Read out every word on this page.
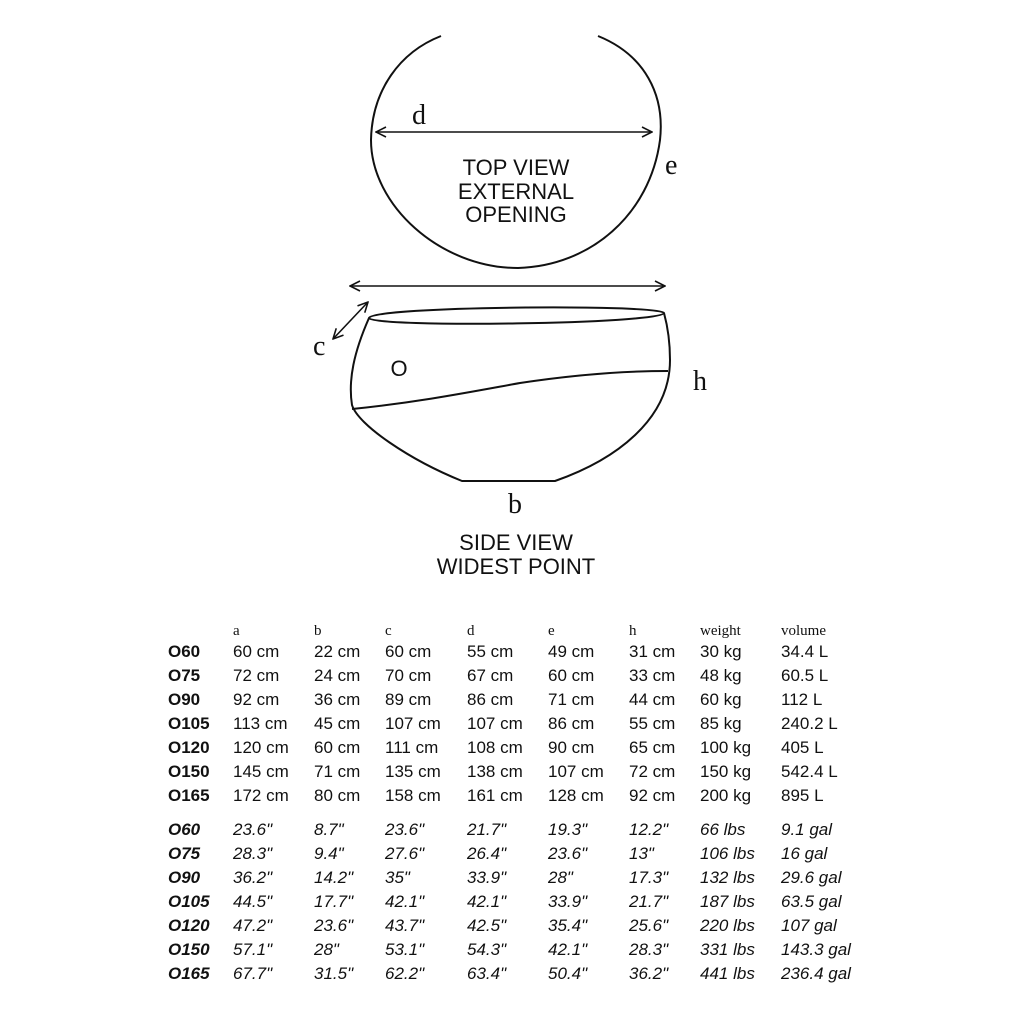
d
e
TOP VIEW
EXTERNAL
OPENING
c
O	h
b
SIDE VIEW
WIDEST POINT
	a	b	c	d	e	h	weight	volume
O60	60 cm	22 cm	60 cm	55 cm	49 cm	31 cm	30 kg	34.4 L
O75	72 cm	24 cm	70 cm	67 cm	60 cm	33 cm	48 kg	60.5 L
O90	92 cm	36 cm	89 cm	86 cm	71 cm	44 cm	60 kg	112 L
O105	113 cm	45 cm	107 cm	107 cm	86 cm	55 cm	85 kg	240.2 L
O120	120 cm	60 cm	111 cm	108 cm	90 cm	65 cm	100 kg	405 L
O150	145 cm	71 cm	135 cm	138 cm	107 cm	72 cm	150 kg	542.4 L
O165	172 cm	80 cm	158 cm	161 cm	128 cm	92 cm	200 kg	895 L

O60	23.6"	8.7"	23.6"	21.7"	19.3"	12.2"	66 lbs	9.1 gal
O75	28.3"	9.4"	27.6"	26.4"	23.6"	13"	106 lbs	16 gal
O90	36.2"	14.2"	35"	33.9"	28"	17.3"	132 lbs	29.6 gal
O105	44.5"	17.7"	42.1"	42.1"	33.9"	21.7"	187 lbs	63.5 gal
O120	47.2"	23.6"	43.7"	42.5"	35.4"	25.6"	220 lbs	107 gal
O150	57.1"	28"	53.1"	54.3"	42.1"	28.3"	331 lbs	143.3 gal
O165	67.7"	31.5"	62.2"	63.4"	50.4"	36.2"	441 lbs	236.4 gal
